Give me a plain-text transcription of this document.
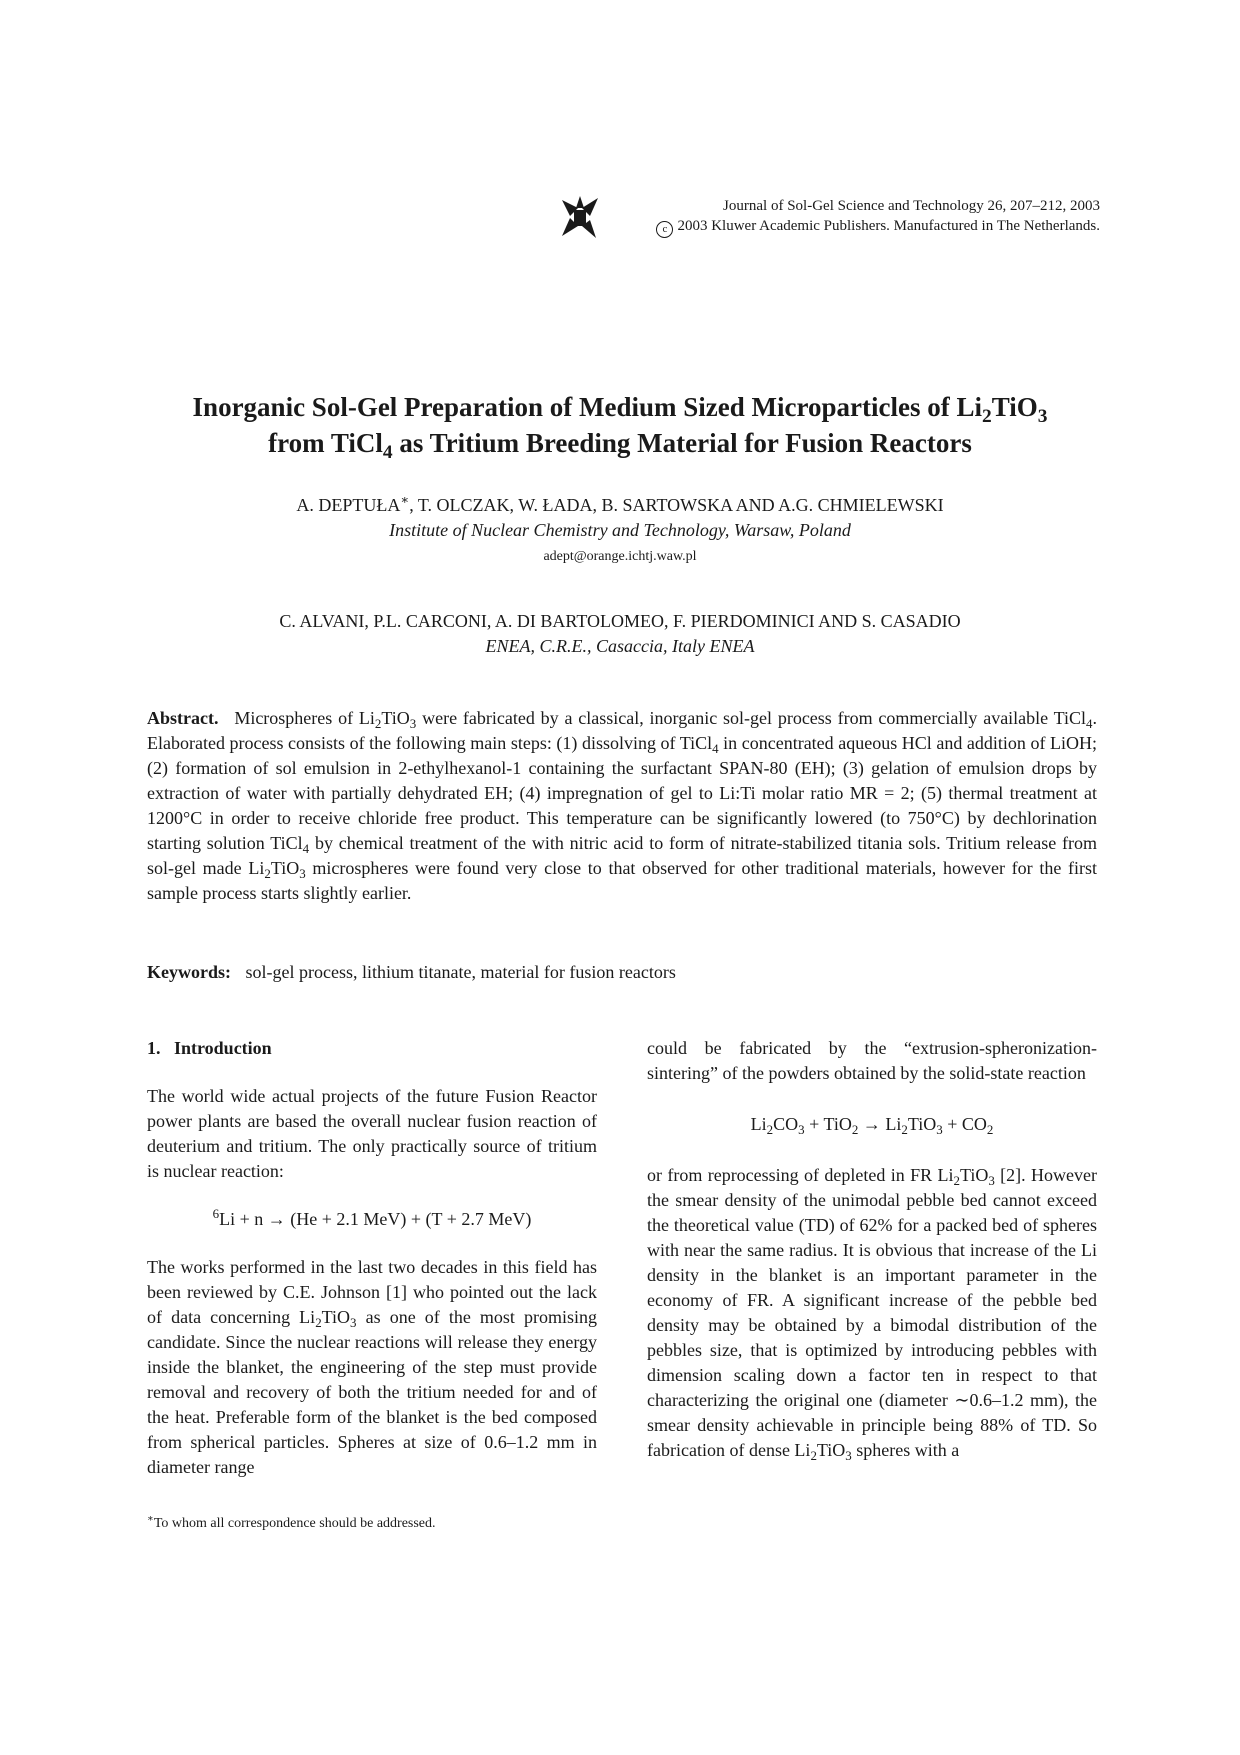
Journal of Sol-Gel Science and Technology 26, 207–212, 2003
c 2003 Kluwer Academic Publishers. Manufactured in The Netherlands.
Inorganic Sol-Gel Preparation of Medium Sized Microparticles of $Li_2TiO_3$
from TiCl$_4$ as Tritium Breeding Material for Fusion Reactors
A. DEPTUŁA∗, T. OLCZAK, W. ŁADA, B. SARTOWSKA AND A.G. CHMIELEWSKI
Institute of Nuclear Chemistry and Technology, Warsaw, Poland
adept@orange.ichtj.waw.pl
C. ALVANI, P.L. CARCONI, A. DI BARTOLOMEO, F. PIERDOMINICI AND S. CASADIO
ENEA, C.R.E., Casaccia, Italy ENEA
Abstract. Microspheres of $Li_2TiO_3$ were fabricated by a classical, inorganic sol-gel process from commercially available TiCl$_4$. Elaborated process consists of the following main steps: (1) dissolving of TiCl$_4$ in concentrated aqueous HCl and addition of LiOH; (2) formation of sol emulsion in 2-ethylhexanol-1 containing the surfactant SPAN-80 (EH); (3) gelation of emulsion drops by extraction of water with partially dehydrated EH; (4) impregnation of gel to Li:Ti molar ratio MR = 2; (5) thermal treatment at 1200°C in order to receive chloride free product. This temperature can be significantly lowered (to 750°C) by dechlorination starting solution TiCl$_4$ by chemical treatment of the with nitric acid to form of nitrate-stabilized titania sols. Tritium release from sol-gel made $Li_2TiO_3$ microspheres were found very close to that observed for other traditional materials, however for the first sample process starts slightly earlier.
Keywords: sol-gel process, lithium titanate, material for fusion reactors
1.   Introduction
The world wide actual projects of the future Fusion Reactor power plants are based the overall nuclear fusion reaction of deuterium and tritium. The only practically source of tritium is nuclear reaction:
$^6$Li + n → (He + 2.1 MeV) + (T + 2.7 MeV)
The works performed in the last two decades in this field has been reviewed by C.E. Johnson [1] who pointed out the lack of data concerning $Li_2TiO_3$ as one of the most promising candidate. Since the nuclear reactions will release they energy inside the blanket, the engineering of the step must provide removal and recovery of both the tritium needed for and of the heat. Preferable form of the blanket is the bed composed from spherical particles. Spheres at size of 0.6–1.2 mm in diameter range
∗To whom all correspondence should be addressed.
could be fabricated by the “extrusion-spheronization-sintering” of the powders obtained by the solid-state reaction
$Li_2CO_3 + TiO_2 \to Li_2TiO_3 + CO_2$
or from reprocessing of depleted in FR $Li_2TiO_3$ [2]. However the smear density of the unimodal pebble bed cannot exceed the theoretical value (TD) of 62% for a packed bed of spheres with near the same radius. It is obvious that increase of the Li density in the blanket is an important parameter in the economy of FR. A significant increase of the pebble bed density may be obtained by a bimodal distribution of the pebbles size, that is optimized by introducing pebbles with dimension scaling down a factor ten in respect to that characterizing the original one (diameter ∼0.6–1.2 mm), the smear density achievable in principle being 88% of TD. So fabrication of dense $Li_2TiO_3$ spheres with a
